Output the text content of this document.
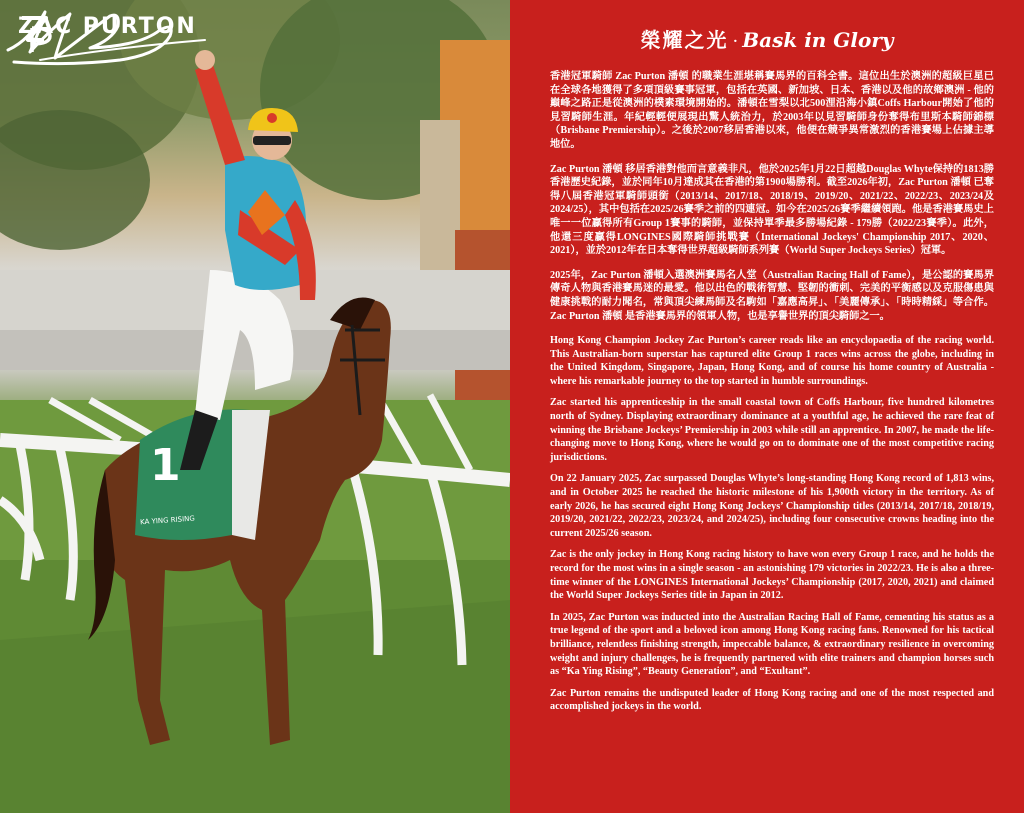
1
KA YING RISING
ZAC PURTON
榮耀之光 · Bask in Glory

香港冠軍騎師 Zac Purton 潘頓 的職業生涯堪稱賽馬界的百科全書。這位出生於澳洲的超級巨星已在全球各地獲得了多項頂級賽事冠軍，包括在英國、新加坡、日本、香港以及他的故鄉澳洲 - 他的巔峰之路正是從澳洲的樸素環境開始的。潘頓在雪梨以北500浬沿海小鎮Coffs Harbour開始了他的見習騎師生涯。年紀輕輕便展現出驚人統治力，於2003年以見習騎師身份奪得布里斯本騎師錦標（Brisbane Premiership）。之後於2007移居香港以來，他便在競爭異常激烈的香港賽場上佔據主導地位。

Zac Purton 潘頓 移居香港對他而言意義非凡，他於2025年1月22日超越Douglas Whyte保持的1813勝香港歷史紀錄，並於同年10月達成其在香港的第1900場勝利。截至2026年初，Zac Purton 潘頓 已奪得八屆香港冠軍騎師頭銜（2013/14、2017/18、2018/19、2019/20、2021/22、2022/23、2023/24及2024/25），其中包括在2025/26賽季之前的四連冠。如今在2025/26賽季繼續領跑。他是香港賽馬史上唯一一位贏得所有Group 1賽事的騎師，並保持單季最多勝場紀錄 - 179勝（2022/23賽季）。此外，他還三度贏得LONGINES國際騎師挑戰賽（International Jockeys' Championship 2017、2020、2021），並於2012年在日本奪得世界超級騎師系列賽（World Super Jockeys Series）冠軍。

2025年，Zac Purton 潘頓入選澳洲賽馬名人堂（Australian Racing Hall of Fame），是公認的賽馬界傳奇人物與香港賽馬迷的最愛。他以出色的戰術智慧、堅韌的衝刺、完美的平衡感以及克服傷患與健康挑戰的耐力聞名，常與頂尖練馬師及名駒如「嘉應高昇」、「美麗傳承」、「時時精綵」等合作。Zac Purton 潘頓 是香港賽馬界的領軍人物，也是享譽世界的頂尖騎師之一。

Hong Kong Champion Jockey Zac Purton’s career reads like an encyclopaedia of the racing world. This Australian-born superstar has captured elite Group 1 races wins across the globe, including in the United Kingdom, Singapore, Japan, Hong Kong, and of course his home country of Australia - where his remarkable journey to the top started in humble surroundings.

Zac started his apprenticeship in the small coastal town of Coffs Harbour, five hundred kilometres north of Sydney. Displaying extraordinary dominance at a youthful age, he achieved the rare feat of winning the Brisbane Jockeys’ Premiership in 2003 while still an apprentice. In 2007, he made the life-changing move to Hong Kong, where he would go on to dominate one of the most competitive racing jurisdictions.

On 22 January 2025, Zac surpassed Douglas Whyte’s long-standing Hong Kong record of 1,813 wins, and in October 2025 he reached the historic milestone of his 1,900th victory in the territory. As of early 2026, he has secured eight Hong Kong Jockeys’ Championship titles (2013/14, 2017/18, 2018/19, 2019/20, 2021/22, 2022/23, 2023/24, and 2024/25), including four consecutive crowns heading into the current 2025/26 season.

Zac is the only jockey in Hong Kong racing history to have won every Group 1 race, and he holds the record for the most wins in a single season - an astonishing 179 victories in 2022/23. He is also a three-time winner of the LONGINES International Jockeys’ Championship (2017, 2020, 2021) and claimed the World Super Jockeys Series title in Japan in 2012.

In 2025, Zac Purton was inducted into the Australian Racing Hall of Fame, cementing his status as a true legend of the sport and a beloved icon among Hong Kong racing fans. Renowned for his tactical brilliance, relentless finishing strength, impeccable balance, & extraordinary resilience in overcoming weight and injury challenges, he is frequently partnered with elite trainers and champion horses such as “Ka Ying Rising”, “Beauty Generation”, and “Exultant”.

Zac Purton remains the undisputed leader of Hong Kong racing and one of the most respected and accomplished jockeys in the world.
